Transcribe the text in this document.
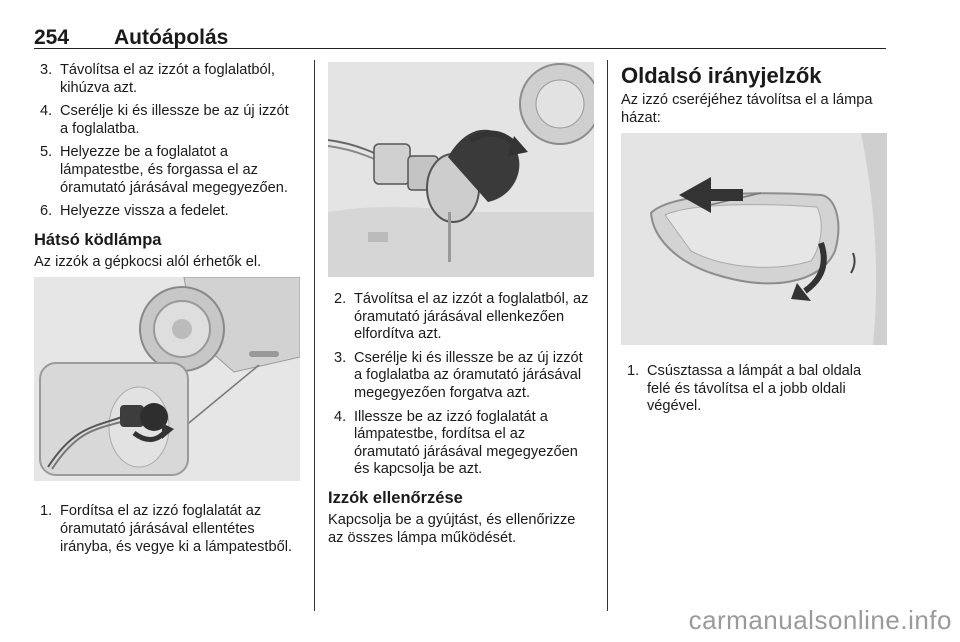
254 Autóápolás
3. Távolítsa el az izzót a foglalatból, kihúzva azt.
4. Cserélje ki és illessze be az új izzót a foglalatba.
5. Helyezze be a foglalatot a lámpatestbe, és forgassa el az óramutató járásával megegyezően.
6. Helyezze vissza a fedelet.
Hátsó ködlámpa

Az izzók a gépkocsi alól érhetők el.

1. Fordítsa el az izzó foglalatát az óramutató járásával ellentétes irányba, és vegye ki a lámpatestből.
2. Távolítsa el az izzót a foglalatból, az óramutató járásával ellenkezően elfordítva azt.
3. Cserélje ki és illessze be az új izzót a foglalatba az óramutató járásával megegyezően forgatva azt.
4. Illessze be az izzó foglalatát a lámpatestbe, fordítsa el az óramutató járásával megegyezően és kapcsolja be azt.
Izzók ellenőrzése

Kapcsolja be a gyújtást, és ellenőrizze az összes lámpa működését.

Oldalsó irányjelzők

Az izzó cseréjéhez távolítsa el a lámpa házat:

1. Csúsztassa a lámpát a bal oldala felé és távolítsa el a jobb oldali végével.
carmanualsonline.info
